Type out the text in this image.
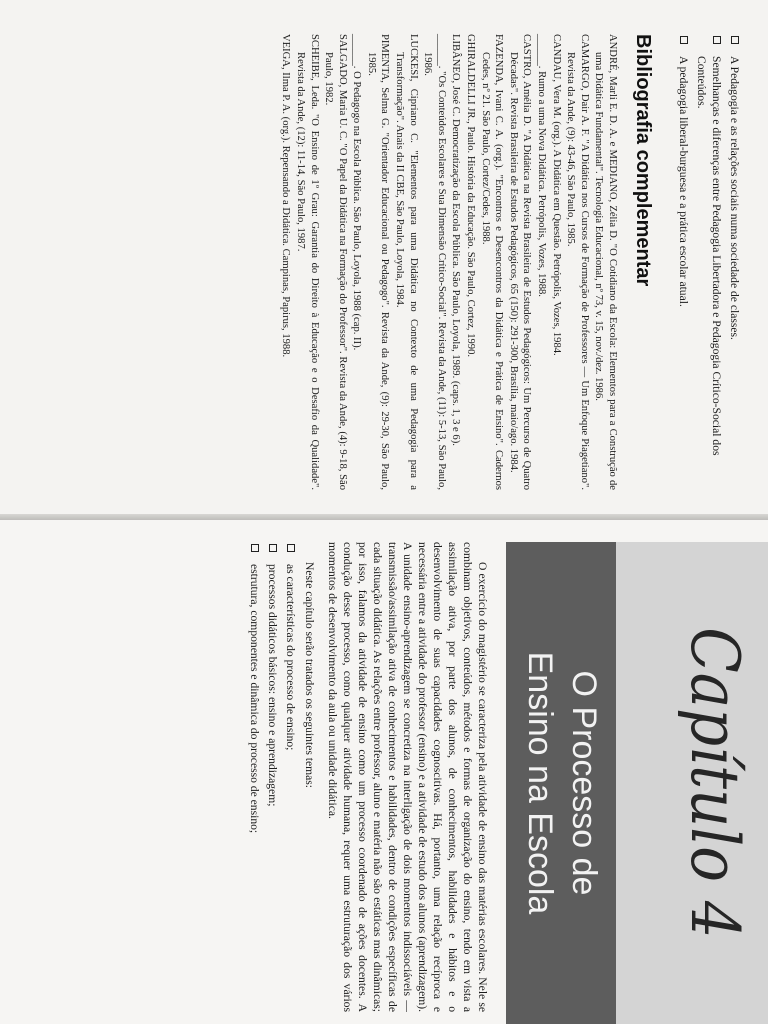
A Pedagogia e as relações sociais numa sociedade de classes.
Semelhanças e diferenças entre Pedagogia Libertadora e Pedagogia Crítico-Social dos Conteúdos.
A pedagogia liberal-burguesa e a prática escolar atual.
Bibliografia complementar

ANDRÉ, Marli E. D. A. e MEDIANO, Zélia D. "O Cotidiano da Escola: Elementos para a Construção de uma Didática Fundamental". Tecnologia Educacional, nº 73, v. 15, nov./dez. 1986.

CAMARGO, Dair A. F. "A Didática nos Cursos de Formação de Professores — Um Enfoque Piagetiano". Revista da Ande, (9): 43-46, São Paulo, 1985.

CANDAU, Vera M. (org.). A Didática em Questão. Petrópolis, Vozes, 1984.

______. Rumo a uma Nova Didática. Petrópolis, Vozes, 1988.

CASTRO, Amélia D. "A Didática na Revista Brasileira de Estudos Pedagógicos: Um Percurso de Quatro Décadas". Revista Brasileira de Estudos Pedagógicos, 65 (150): 291-300, Brasília, maio/ago. 1984.

FAZENDA, Ivani C. A. (org.). "Encontros e Desencontros da Didática e Prática de Ensino". Cadernos Cedes, nº 21. São Paulo, Cortez/Cedes, 1988.

GHIRALDELLI JR., Paulo. História da Educação. São Paulo, Cortez, 1990.

LIBÂNEO, José C. Democratização da Escola Pública. São Paulo, Loyola, 1989. (caps. 1, 3 e 6).

______. "Os Conteúdos Escolares e Sua Dimensão Crítico-Social". Revista da Ande, (11): 5-13, São Paulo, 1986.

LUCKESI, Cipriano C. "Elementos para uma Didática no Contexto de uma Pedagogia para a Transformação". Anais da II CBE, São Paulo, Loyola, 1984.

PIMENTA, Selma G. "Orientador Educacional ou Pedagogo". Revista da Ande, (9): 29-30, São Paulo, 1985.

______. O Pedagogo na Escola Pública. São Paulo, Loyola, 1988 (cap. II).

SALGADO, Maria U. C. "O Papel da Didática na Formação do Professor". Revista da Ande, (4): 9-18, São Paulo, 1982.

SCHEIBE, Leda. "O Ensino de 1º Grau: Garantia do Direito à Educação e o Desafio da Qualidade". Revista da Ande, (12): 11-14, São Paulo, 1987.

VEIGA, Ilma P. A. (org.). Repensando a Didática. Campinas, Papirus, 1988.

Capítulo 4
O Processo de
Ensino na Escola

O exercício do magistério se caracteriza pela atividade de ensino das matérias escolares. Nele se combinam objetivos, conteúdos, métodos e formas de organização do ensino, tendo em vista a assimilação ativa, por parte dos alunos, de conhecimentos, habilidades e hábitos e o desenvolvimento de suas capacidades cognoscitivas. Há, portanto, uma relação recíproca e necessária entre a atividade do professor (ensino) e a atividade de estudo dos alunos (aprendizagem). A unidade ensino-aprendizagem se concretiza na interligação de dois momentos indissociáveis — transmissão/assimilação ativa de conhecimentos e habilidades, dentro de condições específicas de cada situação didática. As relações entre professor, aluno e matéria não são estáticas mas dinâmicas; por isso, falamos da atividade de ensino como um processo coordenado de ações docentes. A condução desse processo, como qualquer atividade humana, requer uma estruturação dos vários momentos de desenvolvimento da aula ou unidade didática.

Neste capítulo serão tratados os seguintes temas:

as características do processo de ensino;
processos didáticos básicos: ensino e aprendizagem;
estrutura, componentes e dinâmica do processo de ensino;
